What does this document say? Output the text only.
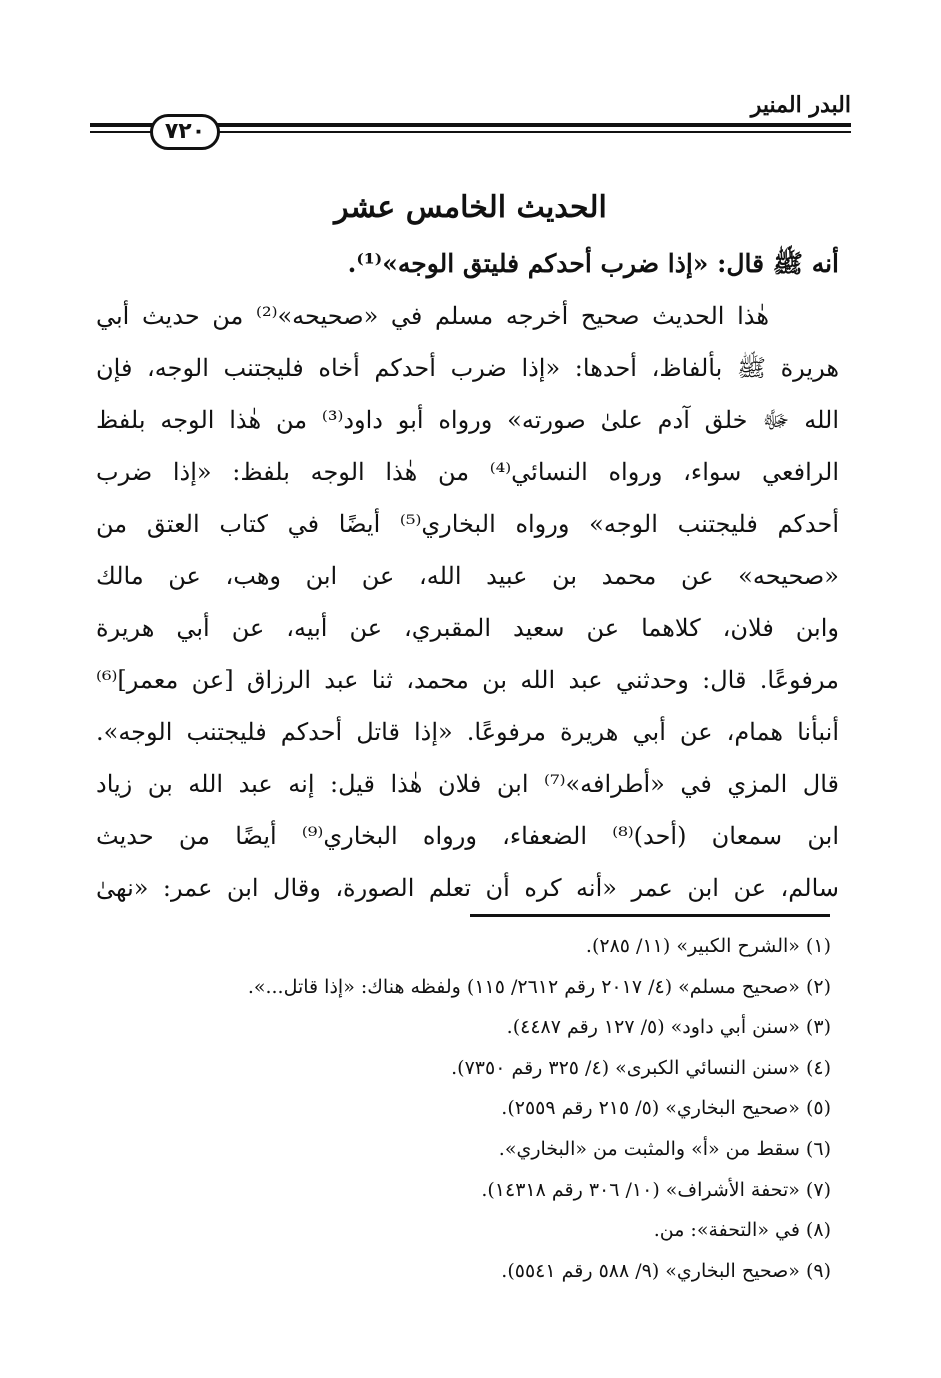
البدر المنير
٧٢٠
الحديث الخامس عشر
أنه ﷺ قال: «إذا ضرب أحدكم فليتق الوجه»⁽¹⁾.
هٰذا الحديث صحيح أخرجه مسلم في «صحيحه»⁽²⁾ من حديث أبي
هريرة ﷺ بألفاظ، أحدها: «إذا ضرب أحدكم أخاه فليجتنب الوجه، فإن
الله ﷻ خلق آدم علىٰ صورته» ورواه أبو داود⁽³⁾ من هٰذا الوجه بلفظ
الرافعي سواء، ورواه النسائي⁽⁴⁾ من هٰذا الوجه بلفظ: «إذا ضرب
أحدكم فليجتنب الوجه» ورواه البخاري⁽⁵⁾ أيضًا في كتاب العتق من
«صحيحه» عن محمد بن عبيد الله، عن ابن وهب، عن مالك
وابن فلان، كلاهما عن سعيد المقبري، عن أبيه، عن أبي هريرة
مرفوعًا. قال: وحدثني عبد الله بن محمد، ثنا عبد الرزاق [عن معمر]⁽⁶⁾
أنبأنا همام، عن أبي هريرة مرفوعًا. «إذا قاتل أحدكم فليجتنب الوجه».
قال المزي في «أطرافه»⁽⁷⁾ ابن فلان هٰذا قيل: إنه عبد الله بن زياد
ابن سمعان (أحد)⁽⁸⁾ الضعفاء، ورواه البخاري⁽⁹⁾ أيضًا من حديث
سالم، عن ابن عمر «أنه كره أن تعلم الصورة، وقال ابن عمر: «نهىٰ
(١) «الشرح الكبير» (١١/ ٢٨٥).
(٢) «صحيح مسلم» (٤/ ٢٠١٧ رقم ٢٦١٢/ ١١٥) ولفظه هناك: «إذا قاتل...».
(٣) «سنن أبي داود» (٥/ ١٢٧ رقم ٤٤٨٧).
(٤) «سنن النسائي الكبرى» (٤/ ٣٢٥ رقم ٧٣٥٠).
(٥) «صحيح البخاري» (٥/ ٢١٥ رقم ٢٥٥٩).
(٦) سقط من «أ» والمثبت من «البخاري».
(٧) «تحفة الأشراف» (١٠/ ٣٠٦ رقم ١٤٣١٨).
(٨) في «التحفة»: من.
(٩) «صحيح البخاري» (٩/ ٥٨٨ رقم ٥٥٤١).
